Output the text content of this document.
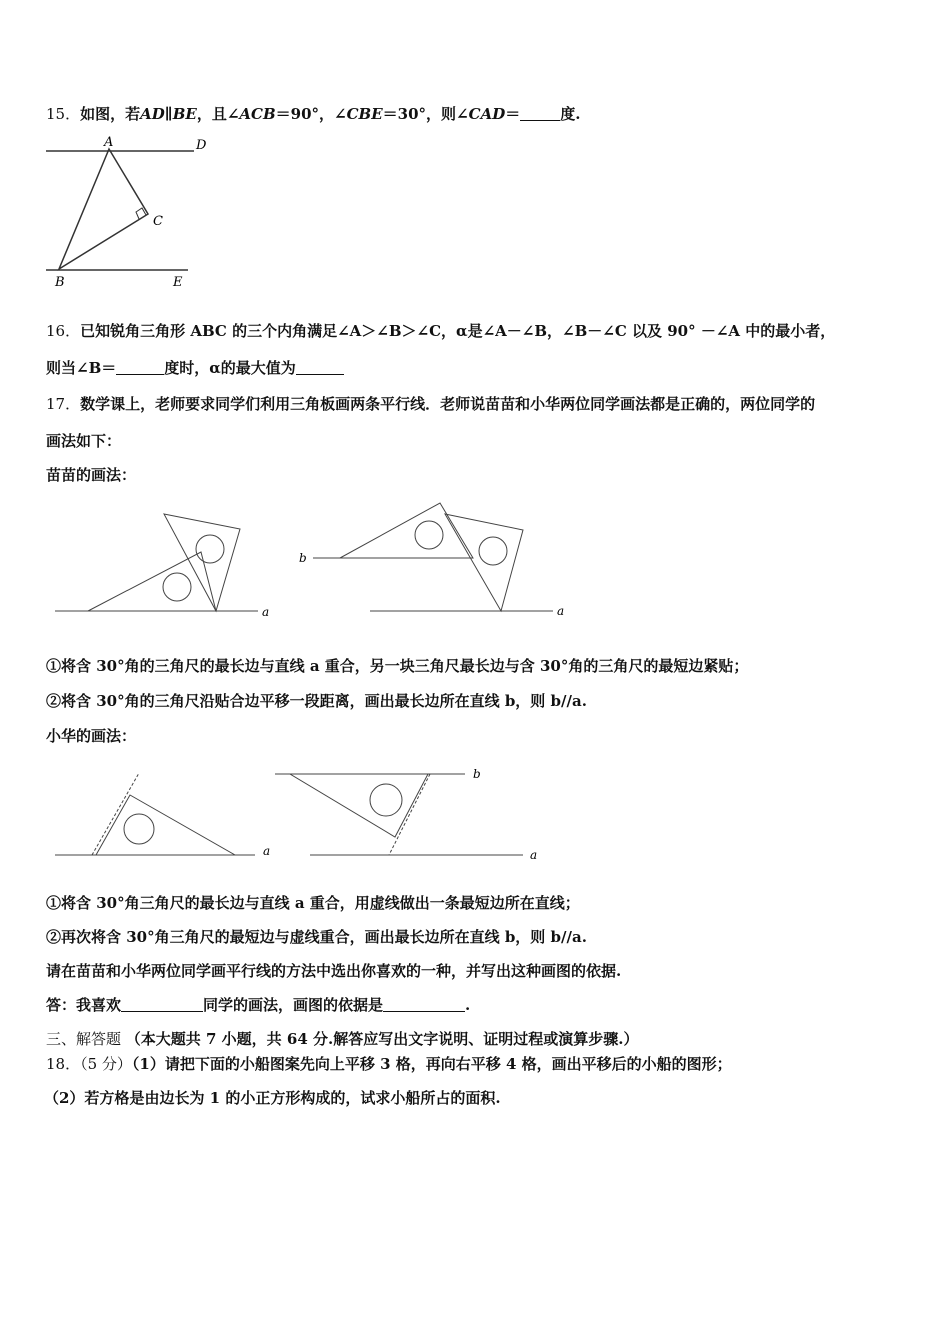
15．如图，若AD∥BE，且∠ACB＝90°，∠CBE＝30°，则∠CAD＝	度.
A	D
C
B	E
16．已知锐角三角形 ABC 的三个内角满足∠A＞∠B＞∠C，α是∠A－∠B，∠B－∠C 以及 90° －∠A 中的最小者，
则当∠B＝	度时，α的最大值为
17．数学课上，老师要求同学们利用三角板画两条平行线．老师说苗苗和小华两位同学画法都是正确的，两位同学的
画法如下：
苗苗的画法：
a
b
a
①将含 30°角的三角尺的最长边与直线 a 重合，另一块三角尺最长边与含 30°角的三角尺的最短边紧贴；
②将含 30°角的三角尺沿贴合边平移一段距离，画出最长边所在直线 b，则 b//a.
小华的画法：
a
b
a
①将含 30°角三角尺的最长边与直线 a 重合，用虚线做出一条最短边所在直线；
②再次将含 30°角三角尺的最短边与虚线重合，画出最长边所在直线 b，则 b//a.
请在苗苗和小华两位同学画平行线的方法中选出你喜欢的一种，并写出这种画图的依据.
答：我喜欢	同学的画法，画图的依据是	.
三、解答题 （本大题共 7 小题，共 64 分.解答应写出文字说明、证明过程或演算步骤.）
18．（5 分）（1）请把下面的小船图案先向上平移 3 格，再向右平移 4 格，画出平移后的小船的图形；
（2）若方格是由边长为 1 的小正方形构成的，试求小船所占的面积.
